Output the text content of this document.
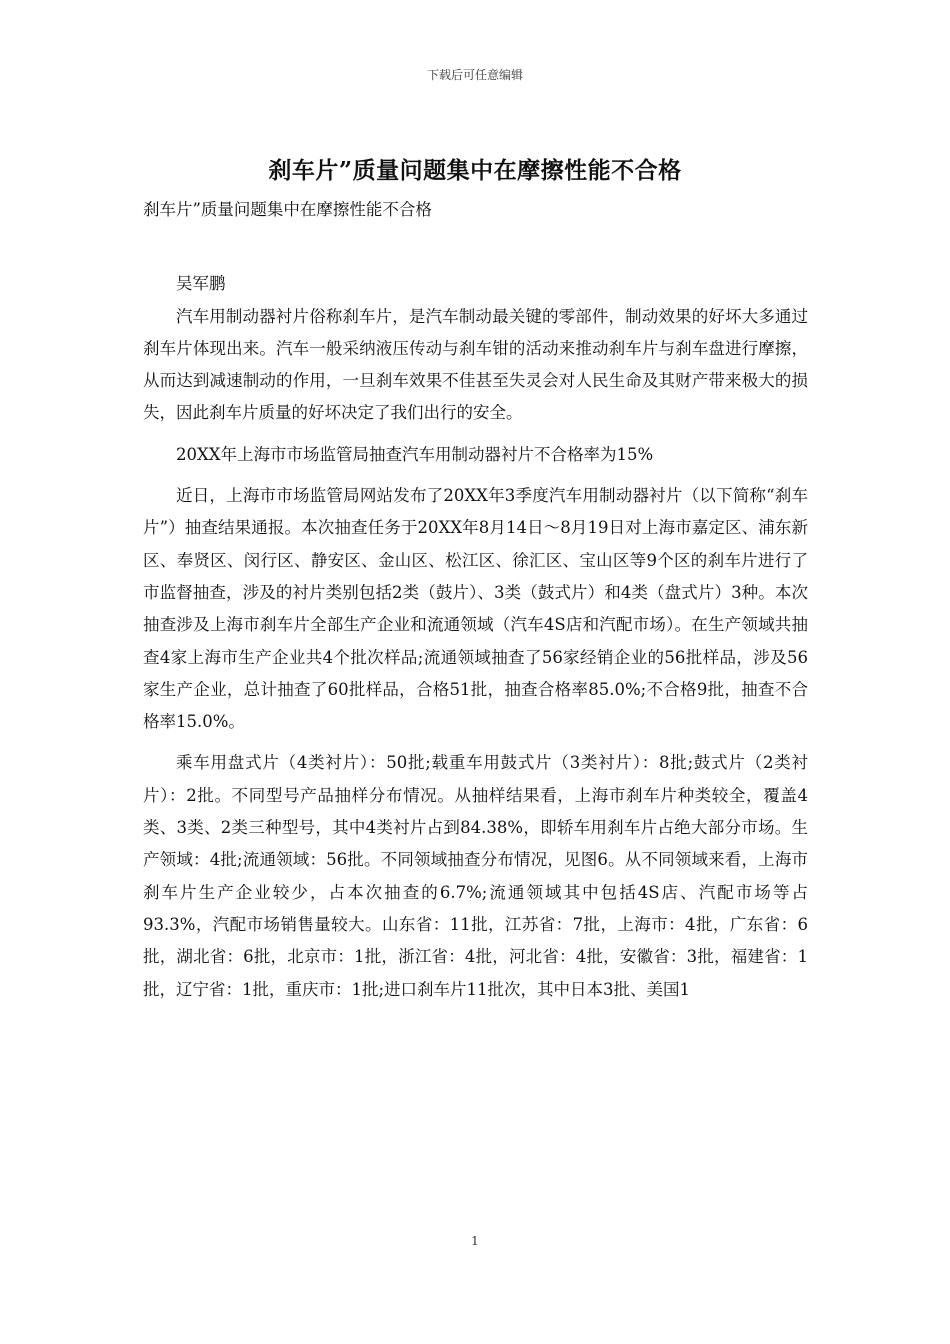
下载后可任意编辑
刹车片”质量问题集中在摩擦性能不合格

刹车片”质量问题集中在摩擦性能不合格

吴军鹏

汽车用制动器衬片俗称刹车片，是汽车制动最关键的零部件，制动效果的好坏大多通过刹车片体现出来。汽车一般采纳液压传动与刹车钳的活动来推动刹车片与刹车盘进行摩擦，从而达到减速制动的作用，一旦刹车效果不佳甚至失灵会对人民生命及其财产带来极大的损失，因此刹车片质量的好坏决定了我们出行的安全。

20XX年上海市市场监管局抽查汽车用制动器衬片不合格率为15%

近日，上海市市场监管局网站发布了20XX年3季度汽车用制动器衬片（以下简称“刹车片”）抽查结果通报。本次抽查任务于20XX年8月14日～8月19日对上海市嘉定区、浦东新区、奉贤区、闵行区、静安区、金山区、松江区、徐汇区、宝山区等9个区的刹车片进行了市监督抽查，涉及的衬片类别包括2类（鼓片）、3类（鼓式片）和4类（盘式片）3种。本次抽查涉及上海市刹车片全部生产企业和流通领域（汽车4S店和汽配市场）。在生产领域共抽查4家上海市生产企业共4个批次样品;流通领域抽查了56家经销企业的56批样品，涉及56家生产企业，总计抽查了60批样品，合格51批，抽查合格率85.0%;不合格9批，抽查不合格率15.0%。

乘车用盘式片（4类衬片）：50批;载重车用鼓式片（3类衬片）：8批;鼓式片（2类衬片）：2批。不同型号产品抽样分布情况。从抽样结果看，上海市刹车片种类较全，覆盖4类、3类、2类三种型号，其中4类衬片占到84.38%，即轿车用刹车片占绝大部分市场。生产领域：4批;流通领域：56批。不同领域抽查分布情况，见图6。从不同领域来看，上海市刹车片生产企业较少，占本次抽查的6.7%;流通领域其中包括4S店、汽配市场等占93.3%，汽配市场销售量较大。山东省：11批，江苏省：7批，上海市：4批，广东省：6批，湖北省：6批，北京市：1批，浙江省：4批，河北省：4批，安徽省：3批，福建省：1批，辽宁省：1批，重庆市：1批;进口刹车片11批次，其中日本3批、美国1

1
